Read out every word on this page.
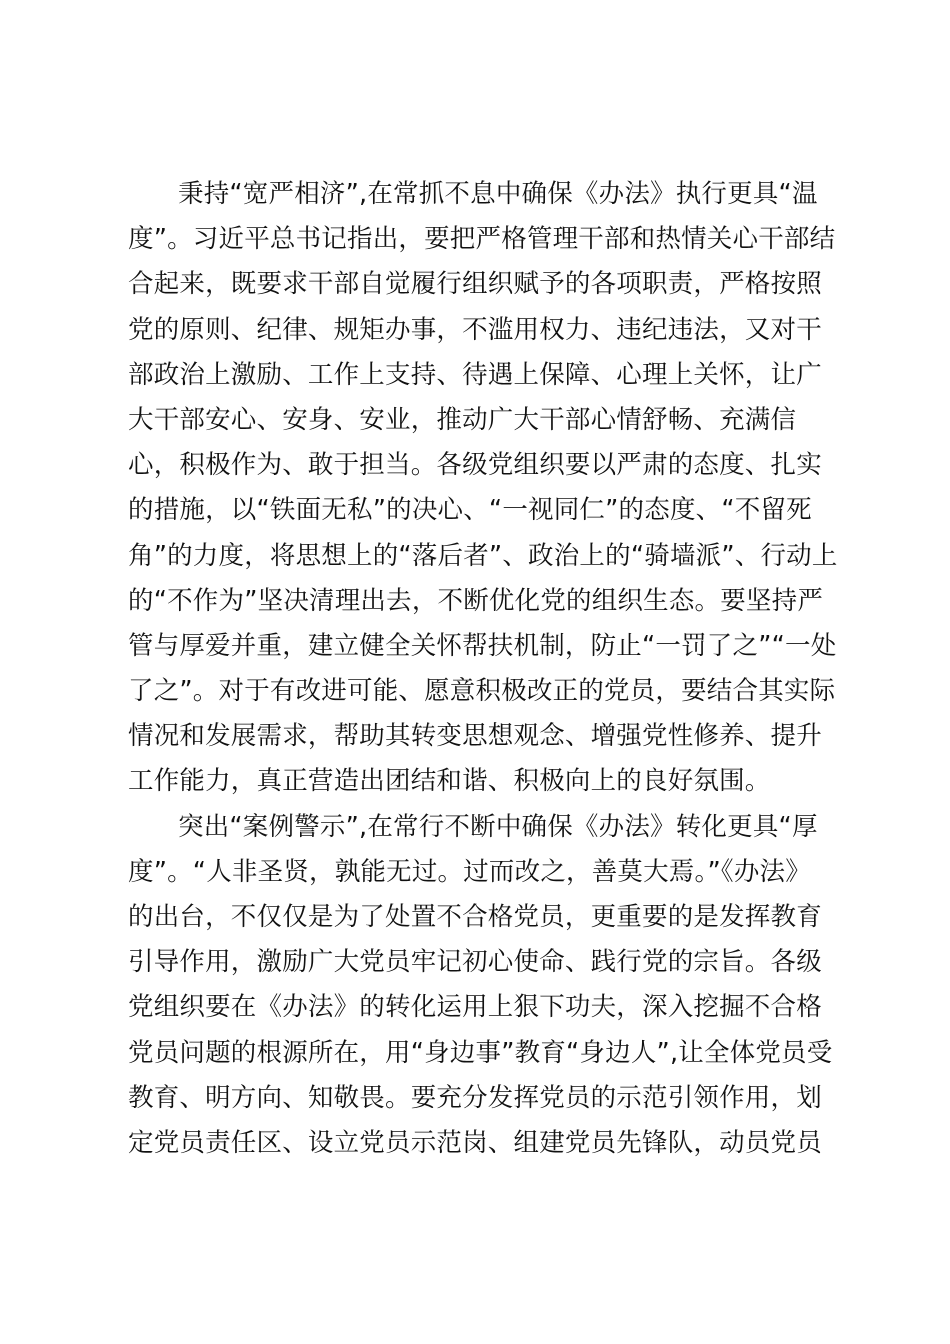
秉持“宽严相济”,在常抓不息中确保《办法》执行更具“温
度”。习近平总书记指出，要把严格管理干部和热情关心干部结
合起来，既要求干部自觉履行组织赋予的各项职责，严格按照
党的原则、纪律、规矩办事，不滥用权力、违纪违法，又对干
部政治上激励、工作上支持、待遇上保障、心理上关怀，让广
大干部安心、安身、安业，推动广大干部心情舒畅、充满信
心，积极作为、敢于担当。各级党组织要以严肃的态度、扎实
的措施，以“铁面无私”的决心、“一视同仁”的态度、“不留死
角”的力度，将思想上的“落后者”、政治上的“骑墙派”、行动上
的“不作为”坚决清理出去，不断优化党的组织生态。要坚持严
管与厚爱并重，建立健全关怀帮扶机制，防止“一罚了之”“一处
了之”。对于有改进可能、愿意积极改正的党员，要结合其实际
情况和发展需求，帮助其转变思想观念、增强党性修养、提升
工作能力，真正营造出团结和谐、积极向上的良好氛围。
突出“案例警示”,在常行不断中确保《办法》转化更具“厚
度”。“人非圣贤，孰能无过。过而改之，善莫大焉。”《办法》
的出台，不仅仅是为了处置不合格党员，更重要的是发挥教育
引导作用，激励广大党员牢记初心使命、践行党的宗旨。各级
党组织要在《办法》的转化运用上狠下功夫，深入挖掘不合格
党员问题的根源所在，用“身边事”教育“身边人”,让全体党员受
教育、明方向、知敬畏。要充分发挥党员的示范引领作用，划
定党员责任区、设立党员示范岗、组建党员先锋队，动员党员
